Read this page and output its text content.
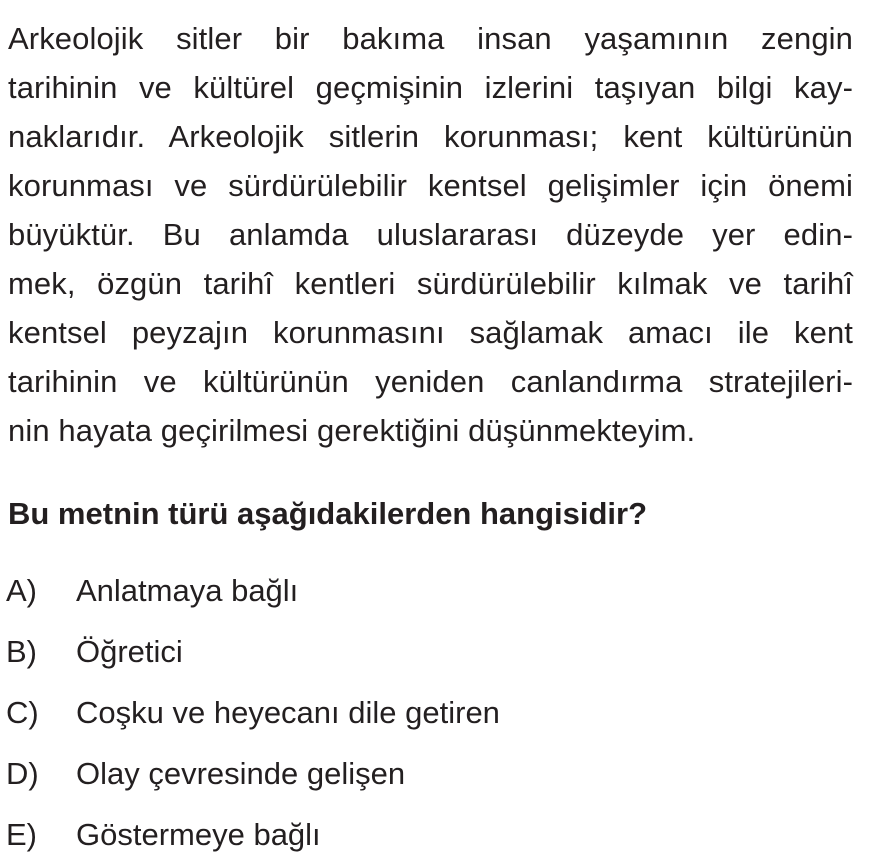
Arkeolojik sitler bir bakıma insan yaşamının zengin
tarihinin ve kültürel geçmişinin izlerini taşıyan bilgi kay-
naklarıdır. Arkeolojik sitlerin korunması; kent kültürünün
korunması ve sürdürülebilir kentsel gelişimler için önemi
büyüktür. Bu anlamda uluslararası düzeyde yer edin-
mek, özgün tarihî kentleri sürdürülebilir kılmak ve tarihî
kentsel peyzajın korunmasını sağlamak amacı ile kent
tarihinin ve kültürünün yeniden canlandırma stratejileri-
nin hayata geçirilmesi gerektiğini düşünmekteyim.
Bu metnin türü aşağıdakilerden hangisidir?
A)	Anlatmaya bağlı
B)	Öğretici
C)	Coşku ve heyecanı dile getiren
D)	Olay çevresinde gelişen
E)	Göstermeye bağlı
